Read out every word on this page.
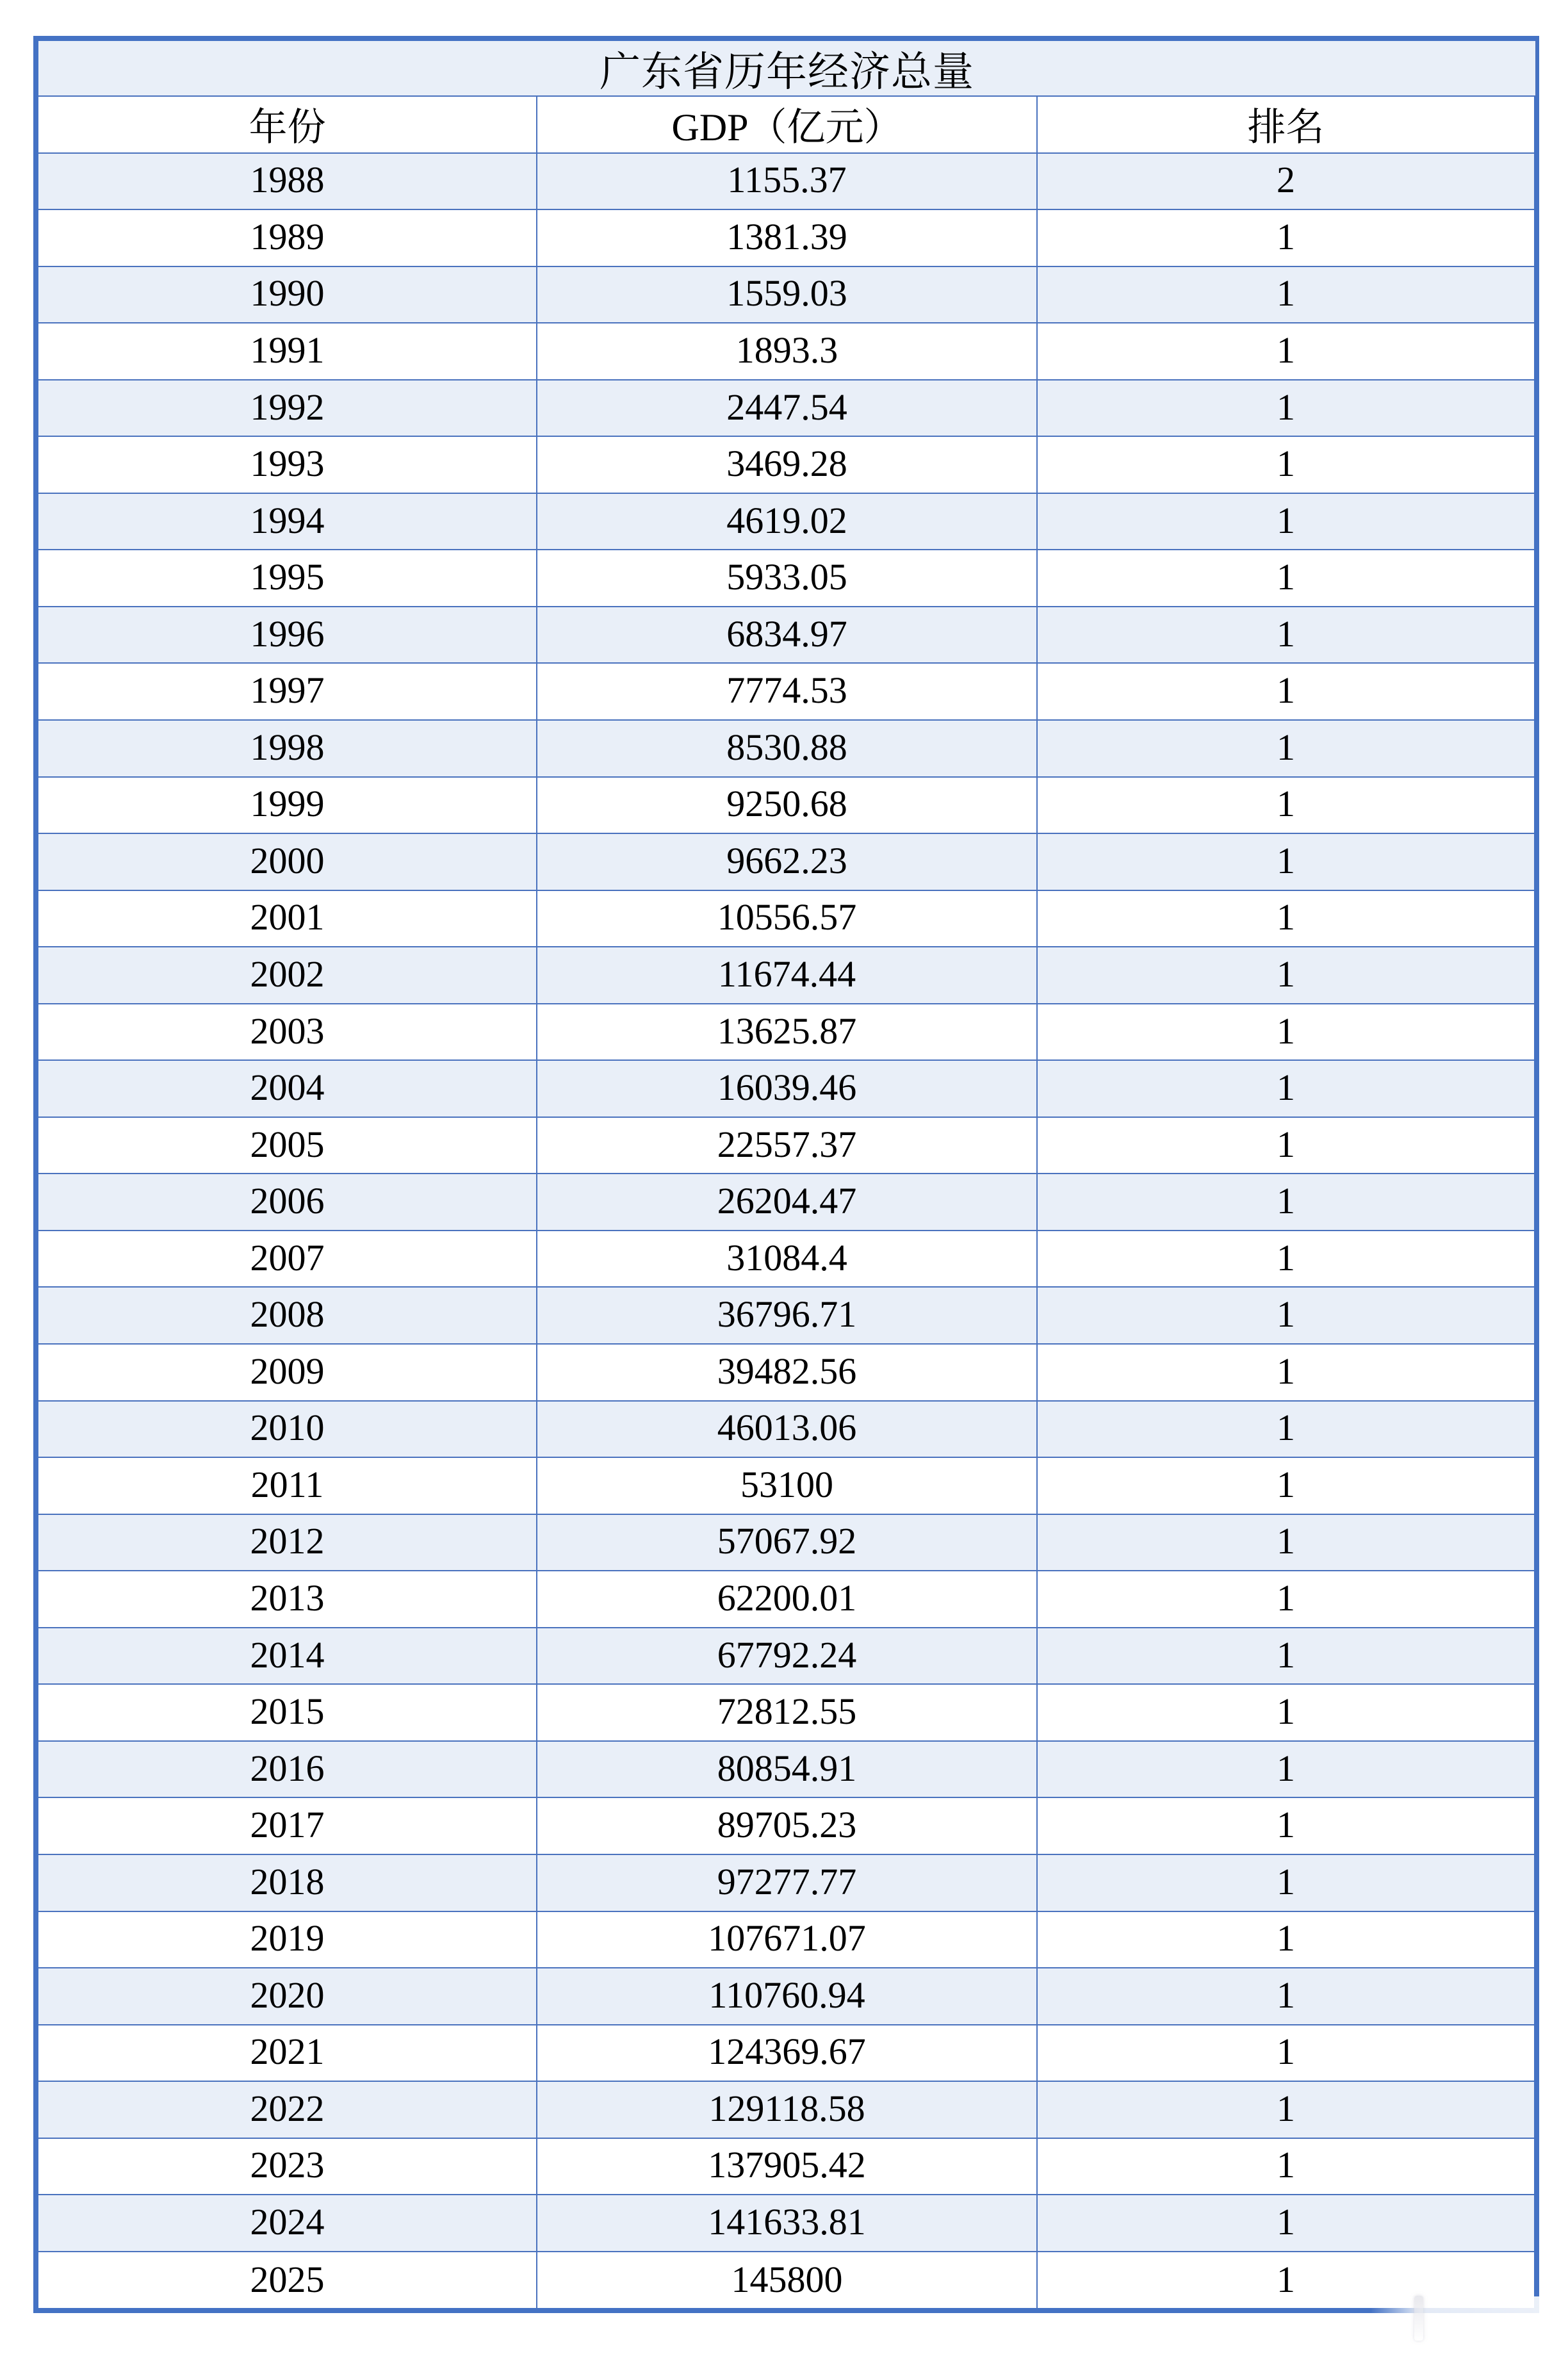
广东省历年经济总量
年份	GDP（亿元）	排名
1988	1155.37	2
1989	1381.39	1
1990	1559.03	1
1991	1893.3	1
1992	2447.54	1
1993	3469.28	1
1994	4619.02	1
1995	5933.05	1
1996	6834.97	1
1997	7774.53	1
1998	8530.88	1
1999	9250.68	1
2000	9662.23	1
2001	10556.57	1
2002	11674.44	1
2003	13625.87	1
2004	16039.46	1
2005	22557.37	1
2006	26204.47	1
2007	31084.4	1
2008	36796.71	1
2009	39482.56	1
2010	46013.06	1
2011	53100	1
2012	57067.92	1
2013	62200.01	1
2014	67792.24	1
2015	72812.55	1
2016	80854.91	1
2017	89705.23	1
2018	97277.77	1
2019	107671.07	1
2020	110760.94	1
2021	124369.67	1
2022	129118.58	1
2023	137905.42	1
2024	141633.81	1
2025	145800	1
